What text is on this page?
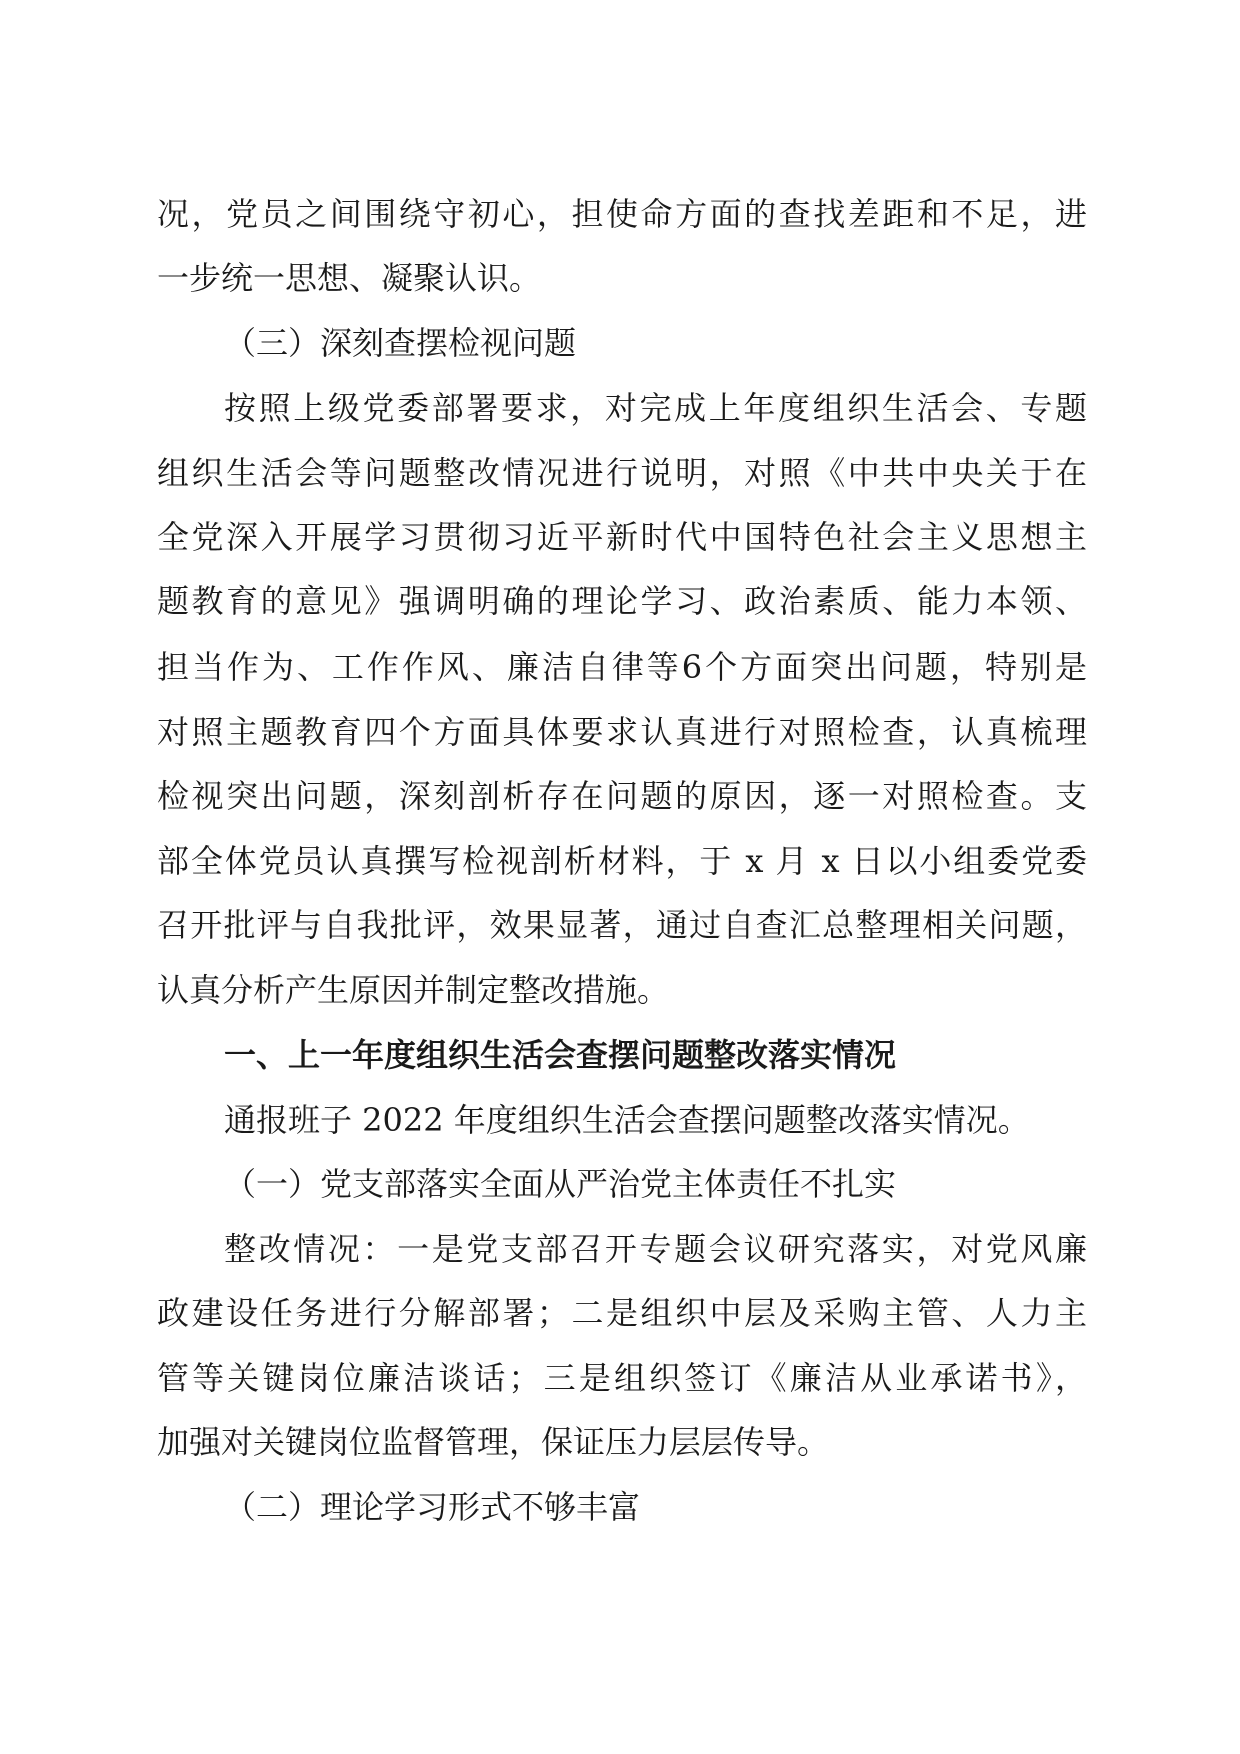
况，党员之间围绕守初心，担使命方面的查找差距和不足，进
一步统一思想、凝聚认识。
（三）深刻查摆检视问题
按照上级党委部署要求，对完成上年度组织生活会、专题
组织生活会等问题整改情况进行说明，对照《中共中央关于在
全党深入开展学习贯彻习近平新时代中国特色社会主义思想主
题教育的意见》强调明确的理论学习、政治素质、能力本领、
担当作为、工作作风、廉洁自律等6个方面突出问题，特别是
对照主题教育四个方面具体要求认真进行对照检查，认真梳理
检视突出问题，深刻剖析存在问题的原因，逐一对照检查。支
部全体党员认真撰写检视剖析材料，于 x 月 x 日以小组委党委
召开批评与自我批评，效果显著，通过自查汇总整理相关问题，
认真分析产生原因并制定整改措施。
一、上一年度组织生活会查摆问题整改落实情况
通报班子 2022 年度组织生活会查摆问题整改落实情况。
（一）党支部落实全面从严治党主体责任不扎实
整改情况：一是党支部召开专题会议研究落实，对党风廉
政建设任务进行分解部署；二是组织中层及采购主管、人力主
管等关键岗位廉洁谈话；三是组织签订《廉洁从业承诺书》，
加强对关键岗位监督管理，保证压力层层传导。
（二）理论学习形式不够丰富
